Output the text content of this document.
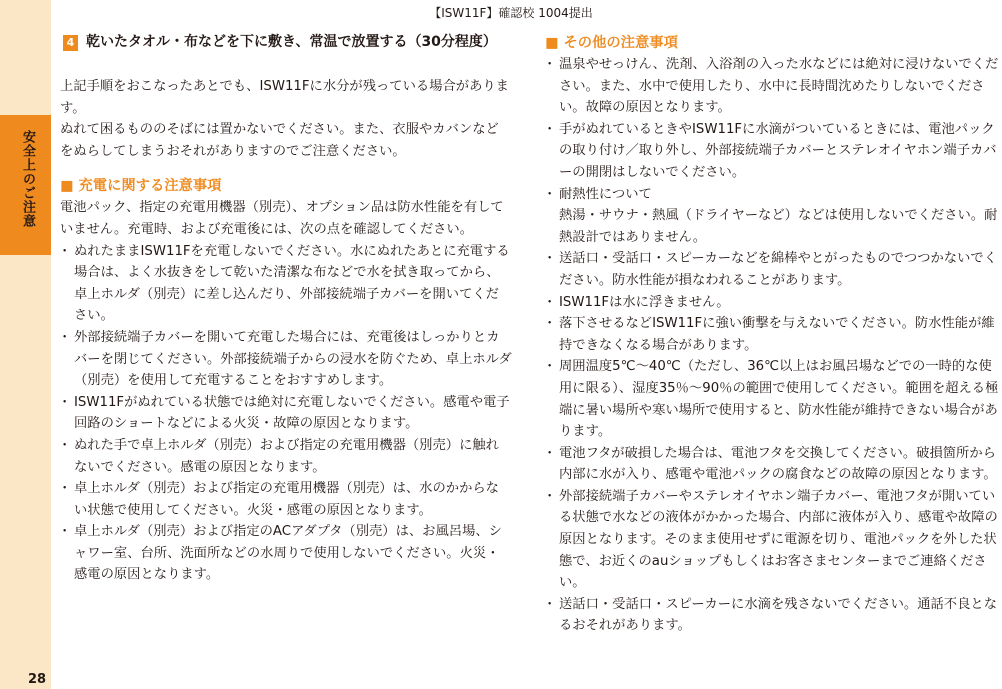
安全上のご注意
28
【ISW11F】確認校 1004提出
4 乾いたタオル・布などを下に敷き、常温で放置する（30分程度）

上記手順をおこなったあとでも、ISW11Fに水分が残っている場合があります。

ぬれて困るもののそばには置かないでください。また、衣服やカバンなどをぬらしてしまうおそれがありますのでご注意ください。

■ 充電に関する注意事項

電池パック、指定の充電用機器（別売）、オプション品は防水性能を有していません。充電時、および充電後には、次の点を確認してください。

・ ぬれたままISW11Fを充電しないでください。水にぬれたあとに充電する場合は、よく水抜きをして乾いた清潔な布などで水を拭き取ってから、卓上ホルダ（別売）に差し込んだり、外部接続端子カバーを開いてください。
・ 外部接続端子カバーを開いて充電した場合には、充電後はしっかりとカバーを閉じてください。外部接続端子からの浸水を防ぐため、卓上ホルダ（別売）を使用して充電することをおすすめします。
・ ISW11Fがぬれている状態では絶対に充電しないでください。感電や電子回路のショートなどによる火災・故障の原因となります。
・ ぬれた手で卓上ホルダ（別売）および指定の充電用機器（別売）に触れないでください。感電の原因となります。
・ 卓上ホルダ（別売）および指定の充電用機器（別売）は、水のかからない状態で使用してください。火災・感電の原因となります。
・ 卓上ホルダ（別売）および指定のACアダプタ（別売）は、お風呂場、シャワー室、台所、洗面所などの水周りで使用しないでください。火災・感電の原因となります。
■ その他の注意事項
・ 温泉やせっけん、洗剤、入浴剤の入った水などには絶対に浸けないでください。また、水中で使用したり、水中に長時間沈めたりしないでください。故障の原因となります。
・ 手がぬれているときやISW11Fに水滴がついているときには、電池パックの取り付け／取り外し、外部接続端子カバーとステレオイヤホン端子カバーの開閉はしないでください。
・ 耐熱性について
熱湯・サウナ・熱風（ドライヤーなど）などは使用しないでください。耐熱設計ではありません。
・ 送話口・受話口・スピーカーなどを綿棒やとがったものでつつかないでください。防水性能が損なわれることがあります。
・ ISW11Fは水に浮きません。
・ 落下させるなどISW11Fに強い衝撃を与えないでください。防水性能が維持できなくなる場合があります。
・ 周囲温度5℃～40℃（ただし、36℃以上はお風呂場などでの一時的な使用に限る）、湿度35％～90％の範囲で使用してください。範囲を超える極端に暑い場所や寒い場所で使用すると、防水性能が維持できない場合があります。
・ 電池フタが破損した場合は、電池フタを交換してください。破損箇所から内部に水が入り、感電や電池パックの腐食などの故障の原因となります。
・ 外部接続端子カバーやステレオイヤホン端子カバー、電池フタが開いている状態で水などの液体がかかった場合、内部に液体が入り、感電や故障の原因となります。そのまま使用せずに電源を切り、電池パックを外した状態で、お近くのauショップもしくはお客さまセンターまでご連絡ください。
・ 送話口・受話口・スピーカーに水滴を残さないでください。通話不良となるおそれがあります。
